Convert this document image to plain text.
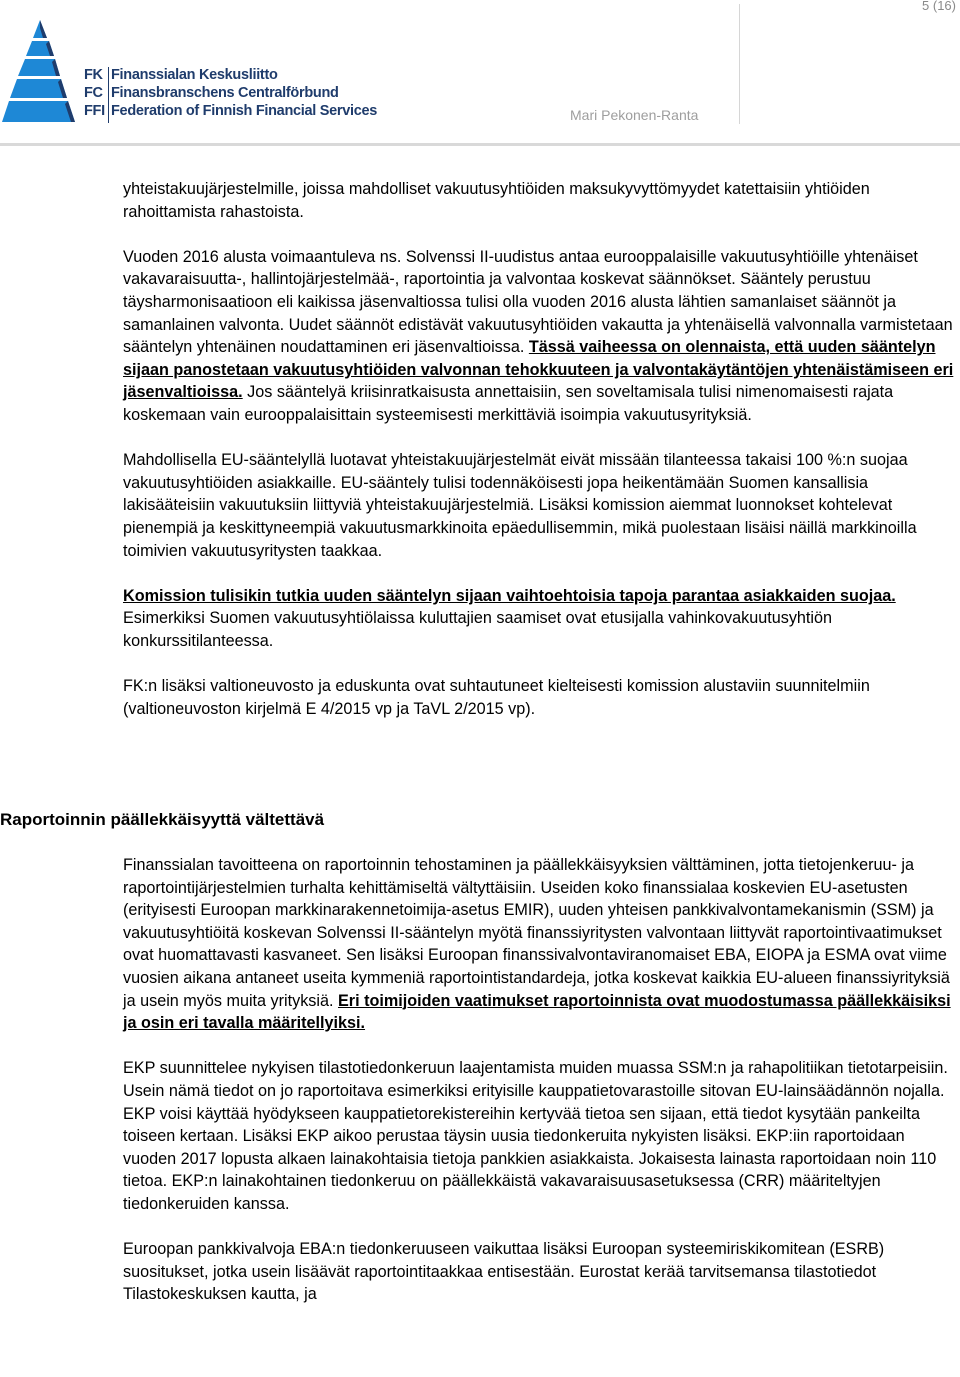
5 (16)
FK Finanssialan Keskusliitto
FC Finansbranschens Centralförbund
FFI Federation of Finnish Financial Services	Mari Pekonen-Ranta

yhteistakuujärjestelmille, joissa mahdolliset vakuutusyhtiöiden maksukyvyttömyydet katettaisiin yhtiöiden rahoittamista rahastoista.

Vuoden 2016 alusta voimaantuleva ns. Solvenssi II-uudistus antaa eurooppalaisille vakuutusyhtiöille yhtenäiset vakavaraisuutta-, hallintojärjestelmää-, raportointia ja valvontaa koskevat säännökset. Sääntely perustuu täysharmonisaatioon eli kaikissa jäsenvaltiossa tulisi olla vuoden 2016 alusta lähtien samanlaiset säännöt ja samanlainen valvonta. Uudet säännöt edistävät vakuutusyhtiöiden vakautta ja yhtenäisellä valvonnalla varmistetaan sääntelyn yhtenäinen noudattaminen eri jäsenvaltioissa. Tässä vaiheessa on olennaista, että uuden sääntelyn sijaan panostetaan vakuutusyhtiöiden valvonnan tehokkuuteen ja valvontakäytäntöjen yhtenäistämiseen eri jäsenvaltioissa. Jos sääntelyä kriisinratkaisusta annettaisiin, sen soveltamisala tulisi nimenomaisesti rajata koskemaan vain eurooppalaisittain systeemisesti merkittäviä isoimpia vakuutusyrityksiä.

Mahdollisella EU-sääntelyllä luotavat yhteistakuujärjestelmät eivät missään tilanteessa takaisi 100 %:n suojaa vakuutusyhtiöiden asiakkaille. EU-sääntely tulisi todennäköisesti jopa heikentämään Suomen kansallisia lakisääteisiin vakuutuksiin liittyviä yhteistakuujärjestelmiä. Lisäksi komission aiemmat luonnokset kohtelevat pienempiä ja keskittyneempiä vakuutusmarkkinoita epäedullisemmin, mikä puolestaan lisäisi näillä markkinoilla toimivien vakuutusyritysten taakkaa.

Komission tulisikin tutkia uuden sääntelyn sijaan vaihtoehtoisia tapoja parantaa asiakkaiden suojaa. Esimerkiksi Suomen vakuutusyhtiölaissa kuluttajien saamiset ovat etusijalla vahinkovakuutusyhtiön konkurssitilanteessa.

FK:n lisäksi valtioneuvosto ja eduskunta ovat suhtautuneet kielteisesti komission alustaviin suunnitelmiin (valtioneuvoston kirjelmä E 4/2015 vp ja TaVL 2/2015 vp).

Raportoinnin päällekkäisyyttä vältettävä

Finanssialan tavoitteena on raportoinnin tehostaminen ja päällekkäisyyksien välttäminen, jotta tietojenkeruu- ja raportointijärjestelmien turhalta kehittämiseltä vältyttäisiin. Useiden koko finanssialaa koskevien EU-asetusten (erityisesti Euroopan markkinarakennetoimija-asetus EMIR), uuden yhteisen pankkivalvontamekanismin (SSM) ja vakuutusyhtiöitä koskevan Solvenssi II-sääntelyn myötä finanssiyritysten valvontaan liittyvät raportointivaatimukset ovat huomattavasti kasvaneet. Sen lisäksi Euroopan finanssivalvontaviranomaiset EBA, EIOPA ja ESMA ovat viime vuosien aikana antaneet useita kymmeniä raportointistandardeja, jotka koskevat kaikkia EU-alueen finanssiyrityksiä ja usein myös muita yrityksiä. Eri toimijoiden vaatimukset raportoinnista ovat muodostumassa päällekkäisiksi ja osin eri tavalla määritellyiksi.

EKP suunnittelee nykyisen tilastotiedonkeruun laajentamista muiden muassa SSM:n ja rahapolitiikan tietotarpeisiin. Usein nämä tiedot on jo raportoitava esimerkiksi erityisille kauppatietovarastoille sitovan EU-lainsäädännön nojalla. EKP voisi käyttää hyödykseen kauppatietorekistereihin kertyvää tietoa sen sijaan, että tiedot kysytään pankeilta toiseen kertaan. Lisäksi EKP aikoo perustaa täysin uusia tiedonkeruita nykyisten lisäksi. EKP:iin raportoidaan vuoden 2017 lopusta alkaen lainakohtaisia tietoja pankkien asiakkaista. Jokaisesta lainasta raportoidaan noin 110 tietoa. EKP:n lainakohtainen tiedonkeruu on päällekkäistä vakavaraisuusasetuksessa (CRR) määriteltyjen tiedonkeruiden kanssa.

Euroopan pankkivalvoja EBA:n tiedonkeruuseen vaikuttaa lisäksi Euroopan systeemiriskikomitean (ESRB) suositukset, jotka usein lisäävät raportointitaakkaa entisestään. Eurostat kerää tarvitsemansa tilastotiedot Tilastokeskuksen kautta, ja
